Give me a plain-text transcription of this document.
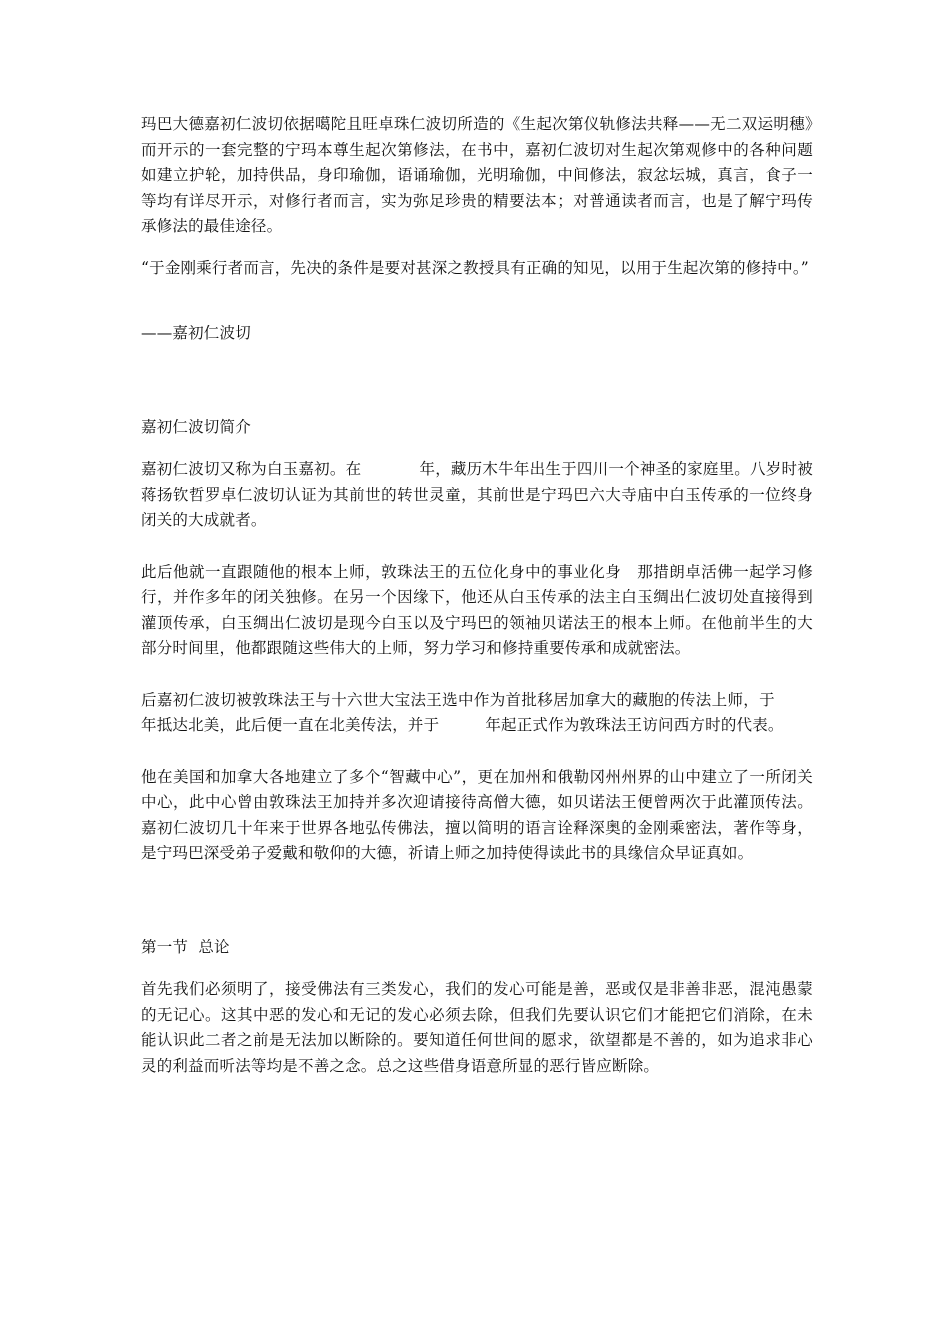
玛巴大德嘉初仁波切依据噶陀且旺卓珠仁波切所造的《生起次第仪轨修法共释——无二双运明穗》而开示的一套完整的宁玛本尊生起次第修法，在书中，嘉初仁波切对生起次第观修中的各种问题如建立护轮，加持供品，身印瑜伽，语诵瑜伽，光明瑜伽，中间修法，寂忿坛城，真言，食子一等均有详尽开示，对修行者而言，实为弥足珍贵的精要法本；对普通读者而言，也是了解宁玛传承修法的最佳途径。

“于金刚乘行者而言，先决的条件是要对甚深之教授具有正确的知见，以用于生起次第的修持中。”

——嘉初仁波切

嘉初仁波切简介

嘉初仁波切又称为白玉嘉初。在	年，藏历木牛年出生于四川一个神圣的家庭里。八岁时被蒋扬钦哲罗卓仁波切认证为其前世的转世灵童，其前世是宁玛巴六大寺庙中白玉传承的一位终身闭关的大成就者。

此后他就一直跟随他的根本上师，敦珠法王的五位化身中的事业化身　那措朗卓活佛一起学习修行，并作多年的闭关独修。在另一个因缘下，他还从白玉传承的法主白玉绸出仁波切处直接得到灌顶传承，白玉绸出仁波切是现今白玉以及宁玛巴的领袖贝诺法王的根本上师。在他前半生的大部分时间里，他都跟随这些伟大的上师，努力学习和修持重要传承和成就密法。

后嘉初仁波切被敦珠法王与十六世大宝法王选中作为首批移居加拿大的藏胞的传法上师，于年抵达北美，此后便一直在北美传法，并于	年起正式作为敦珠法王访问西方时的代表。

他在美国和加拿大各地建立了多个“智藏中心”，更在加州和俄勒冈州州界的山中建立了一所闭关中心，此中心曾由敦珠法王加持并多次迎请接待高僧大德，如贝诺法王便曾两次于此灌顶传法。嘉初仁波切几十年来于世界各地弘传佛法，擅以简明的语言诠释深奥的金刚乘密法，著作等身，是宁玛巴深受弟子爱戴和敬仰的大德，祈请上师之加持使得读此书的具缘信众早证真如。

第一节  总论

首先我们必须明了，接受佛法有三类发心，我们的发心可能是善，恶或仅是非善非恶，混沌愚蒙的无记心。这其中恶的发心和无记的发心必须去除，但我们先要认识它们才能把它们消除，在未能认识此二者之前是无法加以断除的。要知道任何世间的愿求，欲望都是不善的，如为追求非心灵的利益而听法等均是不善之念。总之这些借身语意所显的恶行皆应断除。
